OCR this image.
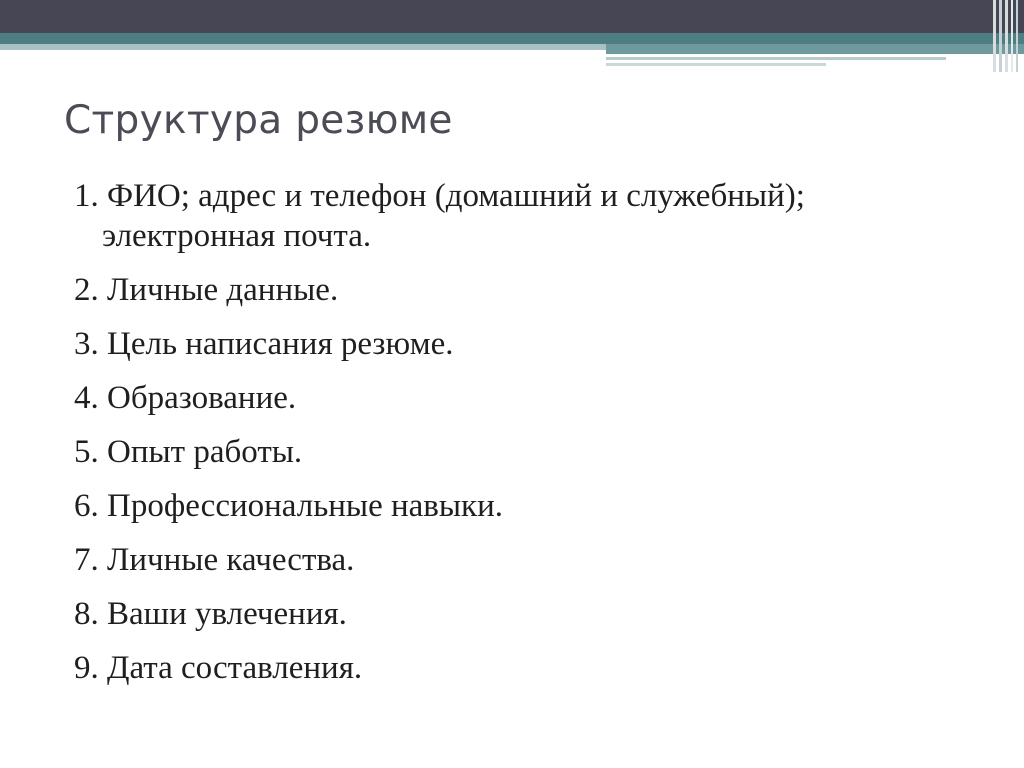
Структура резюме
1. ФИО; адрес и телефон (домашний и служебный); электронная почта.
2. Личные данные.
3. Цель написания резюме.
4. Образование.
5. Опыт работы.
6. Профессиональные навыки.
7. Личные качества.
8. Ваши увлечения.
9. Дата составления.
